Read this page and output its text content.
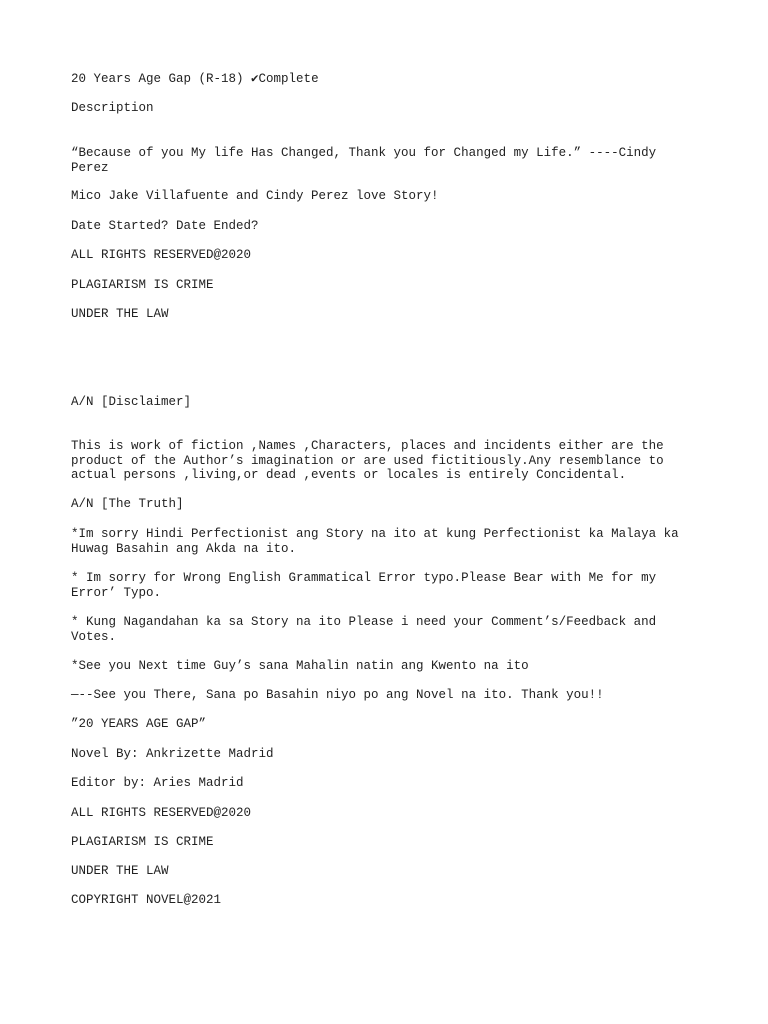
20 Years Age Gap (R-18) ✔Complete

Description

“Because of you My life Has Changed, Thank you for Changed my Life.” ----Cindy Perez

Mico Jake Villafuente and Cindy Perez love Story!

Date Started? Date Ended?

ALL RIGHTS RESERVED@2020

PLAGIARISM IS CRIME

UNDER THE LAW

A/N [Disclaimer]

This is work of fiction ,Names ,Characters, places and incidents either are the product of the Author’s imagination or are used fictitiously.Any resemblance to actual persons ,living,or dead ,events or locales is entirely Concidental.

A/N [The Truth]

*Im sorry Hindi Perfectionist ang Story na ito at kung Perfectionist ka Malaya ka Huwag Basahin ang Akda na ito.

* Im sorry for Wrong English Grammatical Error typo.Please Bear with Me for my Error’ Typo.

* Kung Nagandahan ka sa Story na ito Please i need your Comment’s/Feedback and Votes.

*See you Next time Guy’s sana Mahalin natin ang Kwento na ito

—--See you There, Sana po Basahin niyo po ang Novel na ito. Thank you!!

”20 YEARS AGE GAP”

Novel By: Ankrizette Madrid

Editor by: Aries Madrid

ALL RIGHTS RESERVED@2020

PLAGIARISM IS CRIME

UNDER THE LAW

COPYRIGHT NOVEL@2021
